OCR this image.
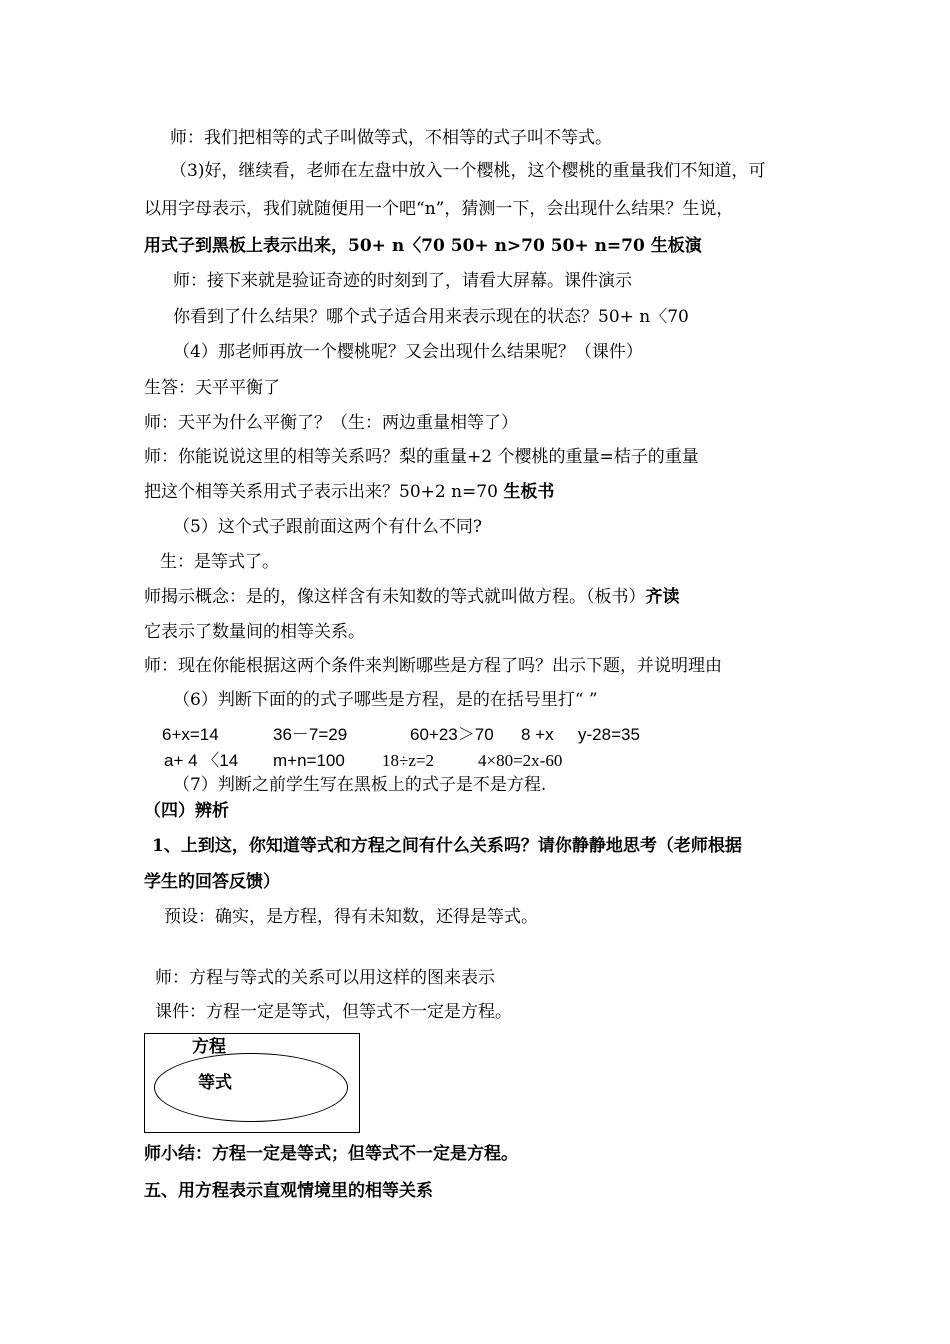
师：我们把相等的式子叫做等式，不相等的式子叫不等式。
（3)好，继续看，老师在左盘中放入一个樱桃，这个樱桃的重量我们不知道，可
以用字母表示，我们就随便用一个吧“n”，猜测一下，会出现什么结果？生说，
用式子到黑板上表示出来，50+ n〈70 50+ n>70 50+ n=70 生板演
师：接下来就是验证奇迹的时刻到了，请看大屏幕。课件演示
你看到了什么结果？哪个式子适合用来表示现在的状态？50+ n〈70
（4）那老师再放一个樱桃呢？又会出现什么结果呢？（课件）
生答：天平平衡了
师：天平为什么平衡了？（生：两边重量相等了）
师：你能说说这里的相等关系吗？梨的重量+2 个樱桃的重量=桔子的重量
把这个相等关系用式子表示出来？50+2 n=70 生板书
（5）这个式子跟前面这两个有什么不同?
生：是等式了。
师揭示概念：是的，像这样含有未知数的等式就叫做方程。（板书）齐读
它表示了数量间的相等关系。
师：现在你能根据这两个条件来判断哪些是方程了吗？出示下题，并说明理由
（6）判断下面的的式子哪些是方程，是的在括号里打“ ”
6+x=14	36－7=29	60+23＞70 8 +x y-28=35
a+ 4 〈14 m+n=100 18÷z=2	4×80=2x-60
（7）判断之前学生写在黑板上的式子是不是方程.
（四）辨析
1、上到这，你知道等式和方程之间有什么关系吗？请你静静地思考（老师根据
学生的回答反馈）
预设：确实，是方程，得有未知数，还得是等式。
师：方程与等式的关系可以用这样的图来表示
课件：方程一定是等式，但等式不一定是方程。
方程
等式
师小结：方程一定是等式；但等式不一定是方程。
五、用方程表示直观情境里的相等关系
